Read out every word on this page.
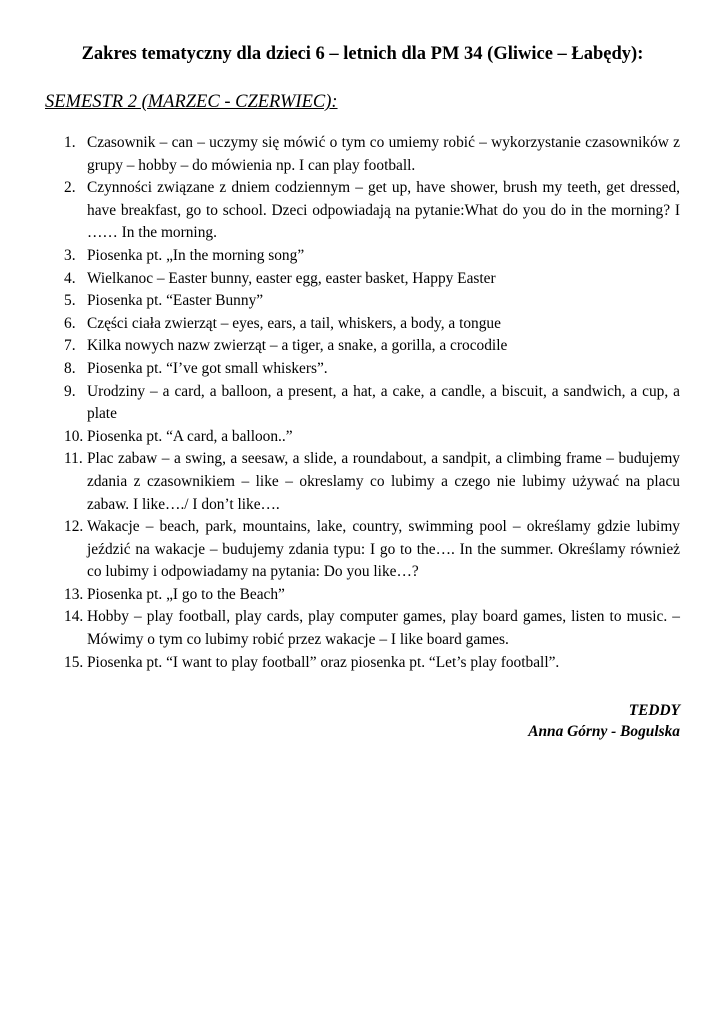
Zakres tematyczny dla dzieci 6 – letnich dla PM 34 (Gliwice – Łabędy):
SEMESTR 2 (MARZEC - CZERWIEC):
1. Czasownik – can – uczymy się mówić o tym co umiemy robić – wykorzystanie czasowników z grupy – hobby – do mówienia np. I can play football.
2. Czynności związane z dniem codziennym – get up, have shower, brush my teeth, get dressed, have breakfast, go to school. Dzeci odpowiadają na pytanie:What do you do in the morning? I …… In the morning.
3. Piosenka pt. „In the morning song”
4. Wielkanoc – Easter bunny, easter egg, easter basket, Happy Easter
5. Piosenka pt. “Easter Bunny”
6. Części ciała zwierząt – eyes, ears, a tail, whiskers, a body, a tongue
7. Kilka nowych nazw zwierząt – a tiger, a snake, a gorilla, a crocodile
8. Piosenka pt. “I’ve got small whiskers”.
9. Urodziny – a card, a balloon, a present, a hat, a cake, a candle, a biscuit, a sandwich, a cup, a plate
10. Piosenka pt. “A card, a balloon..”
11. Plac zabaw – a swing, a seesaw, a slide, a roundabout, a sandpit, a climbing frame – budujemy zdania z czasownikiem – like – okreslamy co lubimy a czego nie lubimy używać na placu zabaw. I like…./ I don’t like….
12. Wakacje – beach, park, mountains, lake, country, swimming pool – określamy gdzie lubimy jeździć na wakacje – budujemy zdania typu: I go to the…. In the summer. Określamy również co lubimy i odpowiadamy na pytania: Do you like…?
13. Piosenka pt. „I go to the Beach”
14. Hobby – play football, play cards, play computer games, play board games, listen to music. – Mówimy o tym co lubimy robić przez wakacje – I like board games.
15. Piosenka pt. “I want to play football” oraz piosenka pt. “Let’s play football”.
TEDDY
Anna Górny - Bogulska
